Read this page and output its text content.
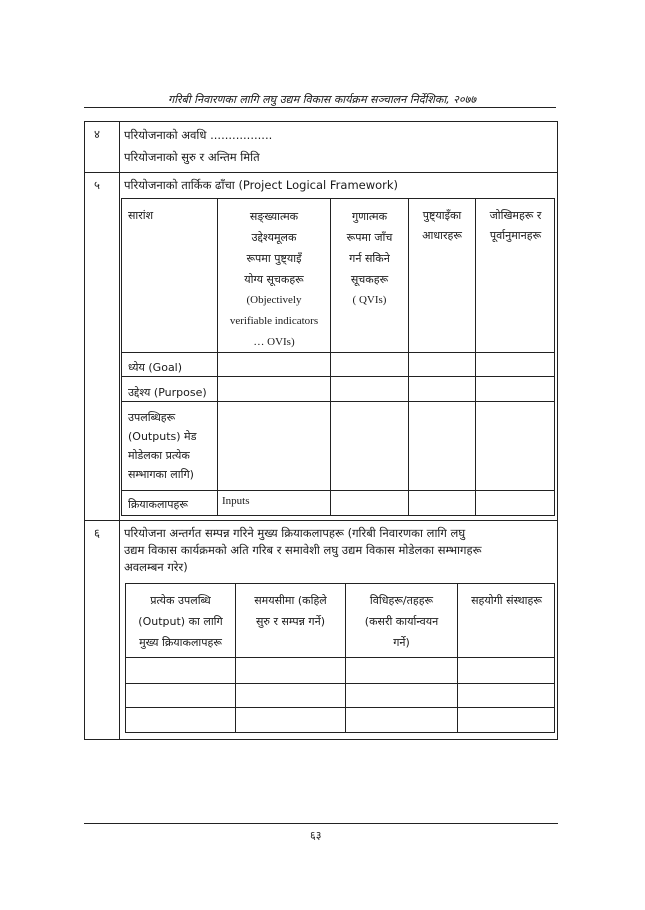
गरिबी निवारणका लागि लघु उद्यम विकास कार्यक्रम सञ्चालन निर्देशिका, २०७७
४ परियोजनाको अवधि .................
परियोजनाको सुरु र अन्तिम मिति
५ परियोजनाको तार्किक ढाँचा (Project Logical Framework)
सारांश	सङ्ख्यात्मक
उद्देश्यमूलक
रूपमा पुष्ट्याइँ
योग्य सूचकहरू
(Objectively
verifiable indicators
… OVIs)
गुणात्मक
रूपमा जाँच
गर्न सकिने
सूचकहरू
( QVIs)
पुष्ट्याइँका
आधारहरू
जोखिमहरू र
पूर्वानुमानहरू
ध्येय (Goal)
उद्देश्य (Purpose)
उपलब्धिहरू
(Outputs) मेड
मोडेलका प्रत्येक
सम्भागका लागि)
क्रियाकलापहरू	Inputs
६ परियोजना अन्तर्गत सम्पन्न गरिने मुख्य क्रियाकलापहरू (गरिबी निवारणका लागि लघु
उद्यम विकास कार्यक्रमको अति गरिब र समावेशी लघु उद्यम विकास मोडेलका सम्भागहरू
अवलम्बन गरेर)
प्रत्येक उपलब्धि
(Output) का लागि
मुख्य क्रियाकलापहरू
समयसीमा (कहिले
सुरु र सम्पन्न गर्ने)
विधिहरू/तहहरू
(कसरी कार्यान्वयन
गर्ने)
सहयोगी संस्थाहरू
६३
